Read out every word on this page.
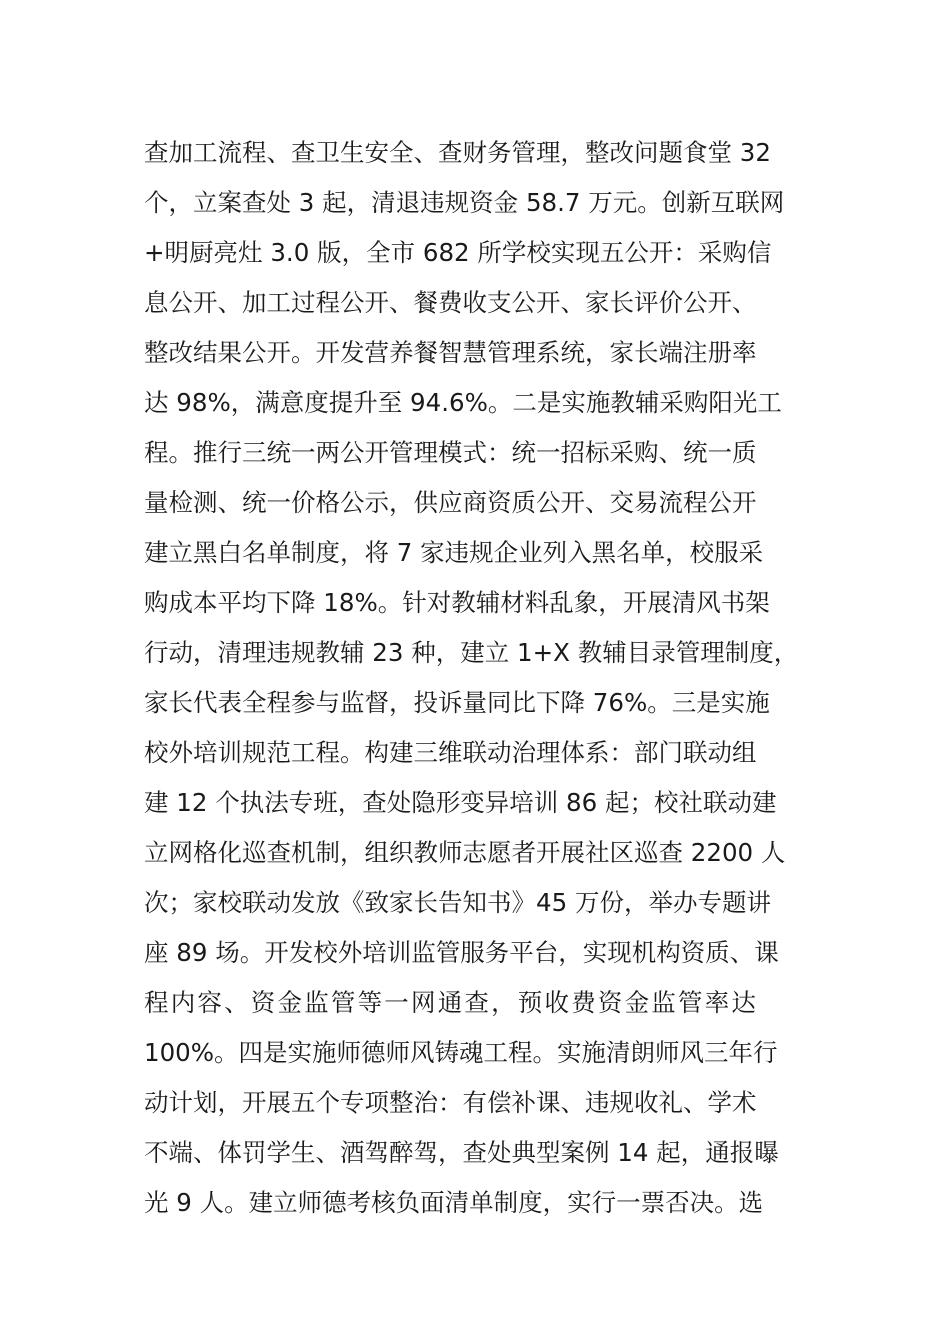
查加工流程、查卫生安全、查财务管理，整改问题食堂 32
个，立案查处 3 起，清退违规资金 58.7 万元。创新互联网
+明厨亮灶 3.0 版，全市 682 所学校实现五公开：采购信
息公开、加工过程公开、餐费收支公开、家长评价公开、
整改结果公开。开发营养餐智慧管理系统，家长端注册率
达 98%，满意度提升至 94.6%。二是实施教辅采购阳光工
程。推行三统一两公开管理模式：统一招标采购、统一质
量检测、统一价格公示，供应商资质公开、交易流程公开
建立黑白名单制度，将 7 家违规企业列入黑名单，校服采
购成本平均下降 18%。针对教辅材料乱象，开展清风书架
行动，清理违规教辅 23 种，建立 1+X 教辅目录管理制度，
家长代表全程参与监督，投诉量同比下降 76%。三是实施
校外培训规范工程。构建三维联动治理体系：部门联动组
建 12 个执法专班，查处隐形变异培训 86 起；校社联动建
立网格化巡查机制，组织教师志愿者开展社区巡查 2200 人
次；家校联动发放《致家长告知书》45 万份，举办专题讲
座 89 场。开发校外培训监管服务平台，实现机构资质、课
程内容、资金监管等一网通查，预收费资金监管率达
100%。四是实施师德师风铸魂工程。实施清朗师风三年行
动计划，开展五个专项整治：有偿补课、违规收礼、学术
不端、体罚学生、酒驾醉驾，查处典型案例 14 起，通报曝
光 9 人。建立师德考核负面清单制度，实行一票否决。选
